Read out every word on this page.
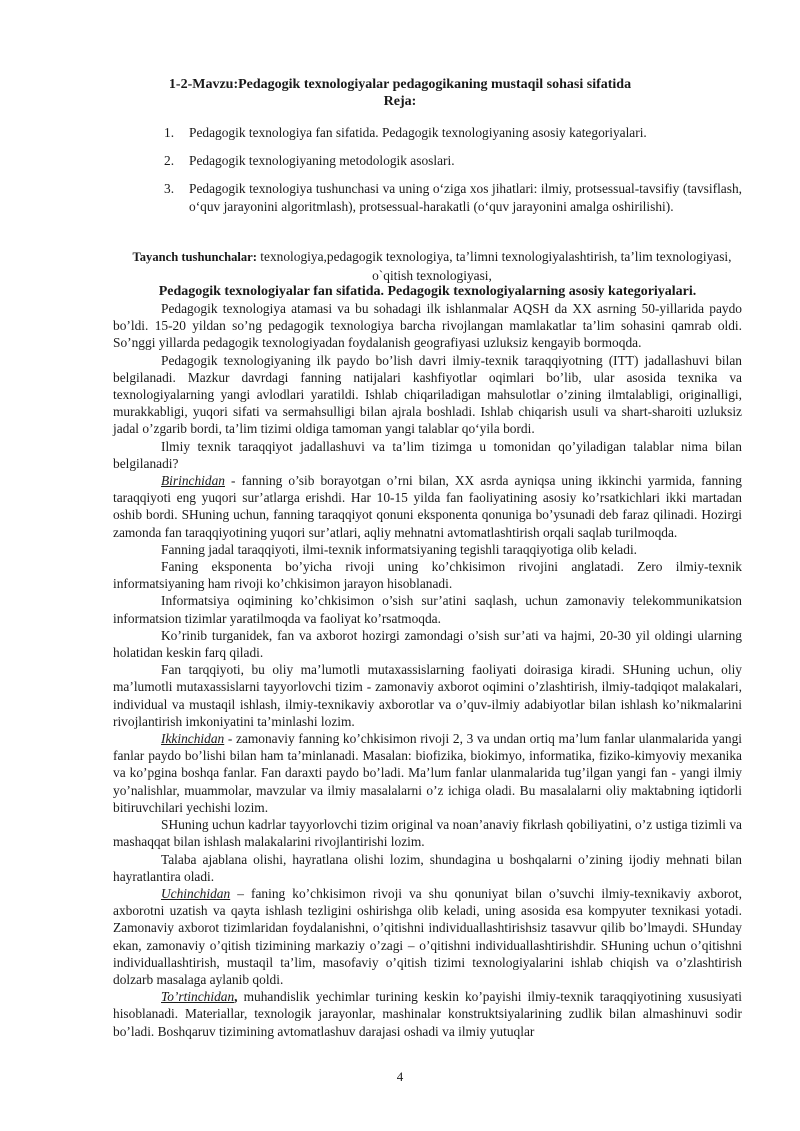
1-2-Mavzu:Pedagogik texnologiyalar pedagogikaning mustaqil sohasi sifatida
Reja:
1. Pedagogik texnologiya fan sifatida. Pedagogik texnologiyaning asosiy kategoriyalari.
2. Pedagogik texnologiyaning metodologik asoslari.
3. Pedagogik texnologiya tushunchasi va uning o‘ziga xos jihatlari: ilmiy, protsessual-tavsifiy (tavsiflash, o‘quv jarayonini algoritmlash), protsessual-harakatli (o‘quv jarayonini amalga oshirilishi).
Tayanch tushunchalar: texnologiya,pedagogik texnologiya, ta’limni texnologiyalashtirish, ta’lim texnologiyasi, o`qitish texnologiyasi,

Pedagogik texnologiyalar fan sifatida. Pedagogik texnologiyalarning asosiy kategoriyalari.

Pedagogik texnologiya atamasi va bu sohadagi ilk ishlanmalar AQSH da XX asrning 50-yillarida paydo bo’ldi. 15-20 yildan so’ng pedagogik texnologiya barcha rivojlangan mamlakatlar ta’lim sohasini qamrab oldi. So’nggi yillarda pedagogik texnologiyadan foydalanish geografiyasi uzluksiz kengayib bormoqda.

Pedagogik texnologiyaning ilk paydo bo’lish davri ilmiy-texnik taraqqiyotning (ITT) jadallashuvi bilan belgilanadi. Mazkur davrdagi fanning natijalari kashfiyotlar oqimlari bo’lib, ular asosida texnika va texnologiyalarning yangi avlodlari yaratildi. Ishlab chiqariladigan mahsulotlar o’zining ilmtalabligi, originalligi, murakkabligi, yuqori sifati va sermahsulligi bilan ajrala boshladi. Ishlab chiqarish usuli va shart-sharoiti uzluksiz jadal o’zgarib bordi, ta’lim tizimi oldiga tamoman yangi talablar qo‘yila bordi.

Ilmiy texnik taraqqiyot jadallashuvi va ta’lim tizimga u tomonidan qo’yiladigan talablar nima bilan belgilanadi?

Birinchidan - fanning o’sib borayotgan o’rni bilan, XX asrda ayniqsa uning ikkinchi yarmida, fanning taraqqiyoti eng yuqori sur’atlarga erishdi. Har 10-15 yilda fan faoliyatining asosiy ko’rsatkichlari ikki martadan oshib bordi. SHuning uchun, fanning taraqqiyot qonuni eksponenta qonuniga bo’ysunadi deb faraz qilinadi. Hozirgi zamonda fan taraqqiyotining yuqori sur’atlari, aqliy mehnatni avtomatlashtirish orqali saqlab turilmoqda.

Fanning jadal taraqqiyoti, ilmi-texnik informatsiyaning tegishli taraqqiyotiga olib keladi.

Faning eksponenta bo’yicha rivoji uning ko’chkisimon rivojini anglatadi. Zero ilmiy-texnik informatsiyaning ham rivoji ko’chkisimon jarayon hisoblanadi.

Informatsiya oqimining ko’chkisimon o’sish sur’atini saqlash, uchun zamonaviy telekommunikatsion informatsion tizimlar yaratilmoqda va faoliyat ko’rsatmoqda.

Ko’rinib turganidek, fan va axborot hozirgi zamondagi o’sish sur’ati va hajmi, 20-30 yil oldingi ularning holatidan keskin farq qiladi.

Fan tarqqiyoti, bu oliy ma’lumotli mutaxassislarning faoliyati doirasiga kiradi. SHuning uchun, oliy ma’lumotli mutaxassislarni tayyorlovchi tizim - zamonaviy axborot oqimini o’zlashtirish, ilmiy-tadqiqot malakalari, individual va mustaqil ishlash, ilmiy-texnikaviy axborotlar va o’quv-ilmiy adabiyotlar bilan ishlash ko’nikmalarini rivojlantirish imkoniyatini ta’minlashi lozim.

Ikkinchidan - zamonaviy fanning ko’chkisimon rivoji 2, 3 va undan ortiq ma’lum fanlar ulanmalarida yangi fanlar paydo bo’lishi bilan ham ta’minlanadi. Masalan: biofizika, biokimyo, informatika, fiziko-kimyoviy mexanika va ko’pgina boshqa fanlar. Fan daraxti paydo bo’ladi. Ma’lum fanlar ulanmalarida tug’ilgan yangi fan - yangi ilmiy yo’nalishlar, muammolar, mavzular va ilmiy masalalarni o’z ichiga oladi. Bu masalalarni oliy maktabning iqtidorli bitiruvchilari yechishi lozim.

SHuning uchun kadrlar tayyorlovchi tizim original va noan’anaviy fikrlash qobiliyatini, o’z ustiga tizimli va mashaqqat bilan ishlash malakalarini rivojlantirishi lozim.

Talaba ajablana olishi, hayratlana olishi lozim, shundagina u boshqalarni o’zining ijodiy mehnati bilan hayratlantira oladi.

Uchinchidan – faning ko’chkisimon rivoji va shu qonuniyat bilan o’suvchi ilmiy-texnikaviy axborot, axborotni uzatish va qayta ishlash tezligini oshirishga olib keladi, uning asosida esa kompyuter texnikasi yotadi. Zamonaviy axborot tizimlaridan foydalanishni, o’qitishni individuallashtirishsiz tasavvur qilib bo’lmaydi. SHunday ekan, zamonaviy o’qitish tizimining markaziy o’zagi – o’qitishni individuallashtirishdir. SHuning uchun o’qitishni individuallashtirish, mustaqil ta’lim, masofaviy o’qitish tizimi texnologiyalarini ishlab chiqish va o’zlashtirish dolzarb masalaga aylanib qoldi.

To’rtinchidan, muhandislik yechimlar turining keskin ko’payishi ilmiy-texnik taraqqiyotining xususiyati hisoblanadi. Materiallar, texnologik jarayonlar, mashinalar konstruktsiyalarining zudlik bilan almashinuvi sodir bo’ladi. Boshqaruv tizimining avtomatlashuv darajasi oshadi va ilmiy yutuqlar

4
